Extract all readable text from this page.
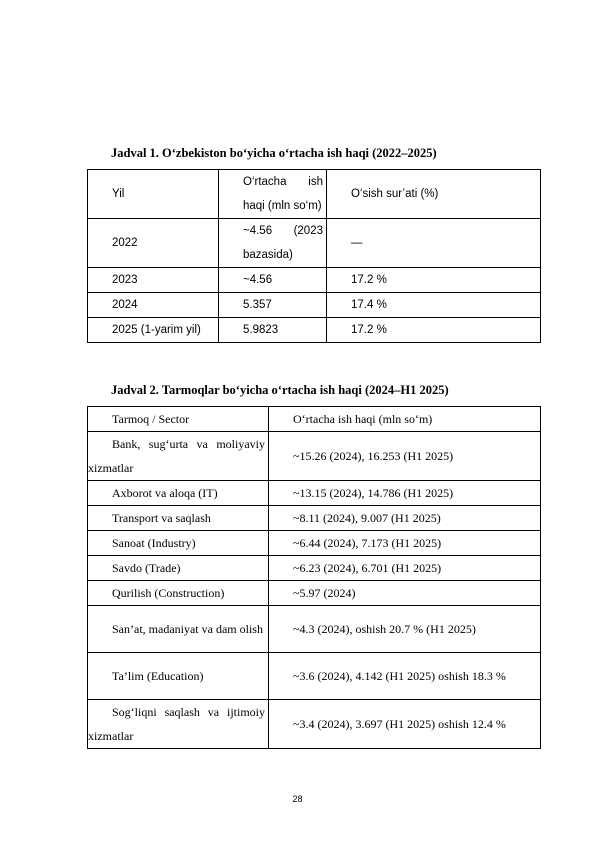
Jadval 1. O‘zbekiston bo‘yicha o‘rtacha ish haqi (2022–2025)
Yil	O‘rtacha ish haqi (mln so‘m)	O‘sish sur’ati (%)
2022	~4.56 (2023 bazasida)	—
2023	~4.56	17.2 %
2024	5.357	17.4 %
2025 (1-yarim yil)	5.9823	17.2 %
Jadval 2. Tarmoqlar bo‘yicha o‘rtacha ish haqi (2024–H1 2025)
Tarmoq / Sector	O‘rtacha ish haqi (mln so‘m)
Bank, sug‘urta va moliyaviy xizmatlar	~15.26 (2024), 16.253 (H1 2025)
Axborot va aloqa (IT)	~13.15 (2024), 14.786 (H1 2025)
Transport va saqlash	~8.11 (2024), 9.007 (H1 2025)
Sanoat (Industry)	~6.44 (2024), 7.173 (H1 2025)
Savdo (Trade)	~6.23 (2024), 6.701 (H1 2025)
Qurilish (Construction)	~5.97 (2024)
San’at, madaniyat va dam olish	~4.3 (2024), oshish 20.7 % (H1 2025)
Ta’lim (Education)	~3.6 (2024), 4.142 (H1 2025) oshish 18.3 %
Sog‘liqni saqlash va ijtimoiy xizmatlar	~3.4 (2024), 3.697 (H1 2025) oshish 12.4 %
28
